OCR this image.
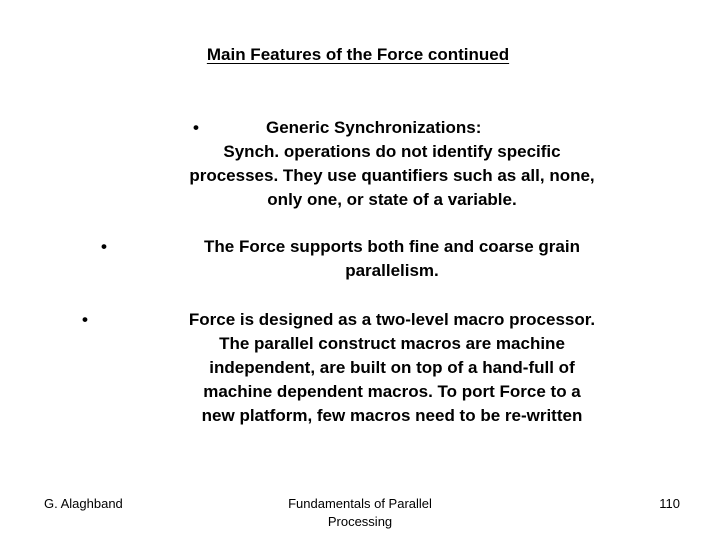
Main Features of the Force continued
•	Generic Synchronizations:
Synch. operations do not identify specific
processes. They use quantifiers such as all, none,
only one, or state of a variable.
•	The Force supports both fine and coarse grain
parallelism.
•	Force is designed as a two-level macro processor.
The parallel construct macros are machine
independent, are built on top of a hand-full of
machine dependent macros. To port Force to a
new platform, few macros need to be re-written
G. Alaghband	Fundamentals of Parallel
Processing
110
